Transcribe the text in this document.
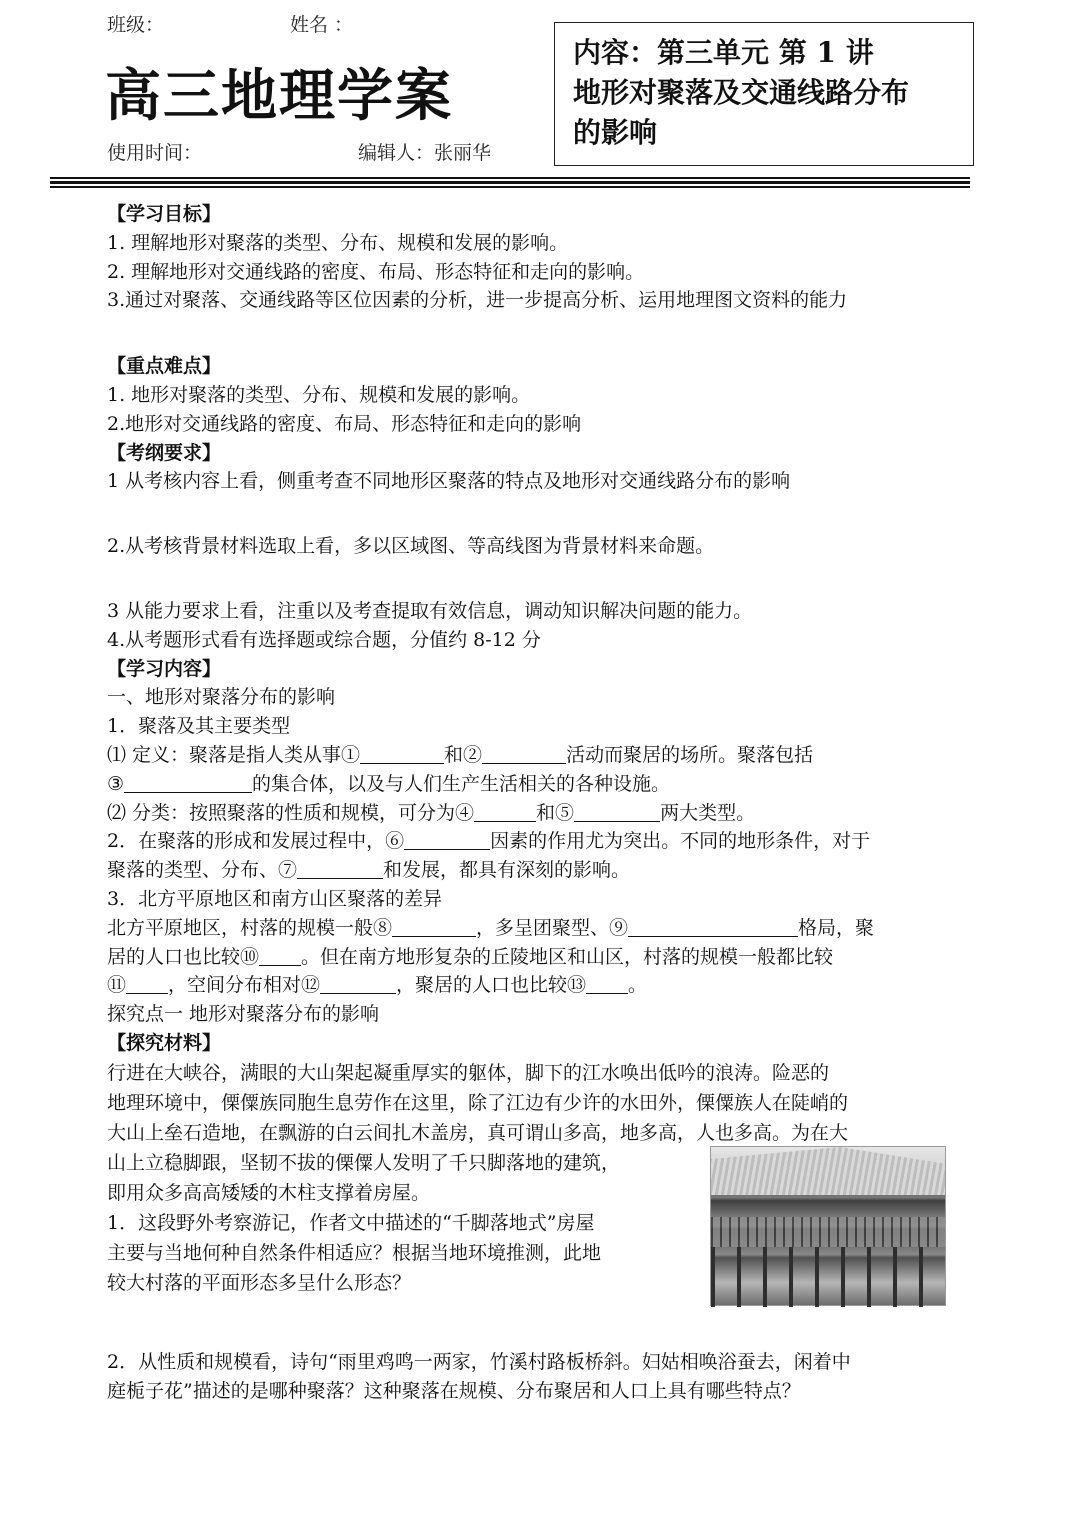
班级：	姓名 ：
高三地理学案
使用时间：	编辑人：张丽华
内容：第三单元 第 1 讲
地形对聚落及交通线路分布
的影响
【学习目标】
1. 理解地形对聚落的类型、分布、规模和发展的影响。
2. 理解地形对交通线路的密度、布局、形态特征和走向的影响。
3.通过对聚落、交通线路等区位因素的分析，进一步提高分析、运用地理图文资料的能力
【重点难点】
1. 地形对聚落的类型、分布、规模和发展的影响。
2.地形对交通线路的密度、布局、形态特征和走向的影响
【考纲要求】
1 从考核内容上看，侧重考查不同地形区聚落的特点及地形对交通线路分布的影响
2.从考核背景材料选取上看，多以区域图、等高线图为背景材料来命题。
3 从能力要求上看，注重以及考查提取有效信息，调动知识解决问题的能力。
4.从考题形式看有选择题或综合题，分值约 8-12 分
【学习内容】
一、地形对聚落分布的影响
1．聚落及其主要类型
⑴ 定义：聚落是指人类从事①	和②	活动而聚居的场所。聚落包括
③	的集合体，以及与人们生产生活相关的各种设施。
⑵ 分类：按照聚落的性质和规模，可分为④	和⑤	两大类型。
2．在聚落的形成和发展过程中，⑥	因素的作用尤为突出。不同的地形条件，对于
聚落的类型、分布、⑦	和发展，都具有深刻的影响。
3．北方平原地区和南方山区聚落的差异
北方平原地区，村落的规模一般⑧	，多呈团聚型、⑨	格局，聚
居的人口也比较⑩ 。但在南方地形复杂的丘陵地区和山区，村落的规模一般都比较
⑪ ，空间分布相对⑫	，聚居的人口也比较⑬ 。
探究点一 地形对聚落分布的影响
【探究材料】
行进在大峡谷，满眼的大山架起凝重厚实的躯体，脚下的江水唤出低吟的浪涛。险恶的
地理环境中，傈僳族同胞生息劳作在这里，除了江边有少许的水田外，傈僳族人在陡峭的
大山上垒石造地，在飘游的白云间扎木盖房，真可谓山多高，地多高，人也多高。为在大
山上立稳脚跟，坚韧不拔的傈僳人发明了千只脚落地的建筑，
即用众多高高矮矮的木柱支撑着房屋。
1．这段野外考察游记，作者文中描述的“千脚落地式”房屋
主要与当地何种自然条件相适应？根据当地环境推测，此地
较大村落的平面形态多呈什么形态？
2．从性质和规模看，诗句“雨里鸡鸣一两家，竹溪村路板桥斜。妇姑相唤浴蚕去，闲着中
庭栀子花”描述的是哪种聚落？这种聚落在规模、分布聚居和人口上具有哪些特点？
